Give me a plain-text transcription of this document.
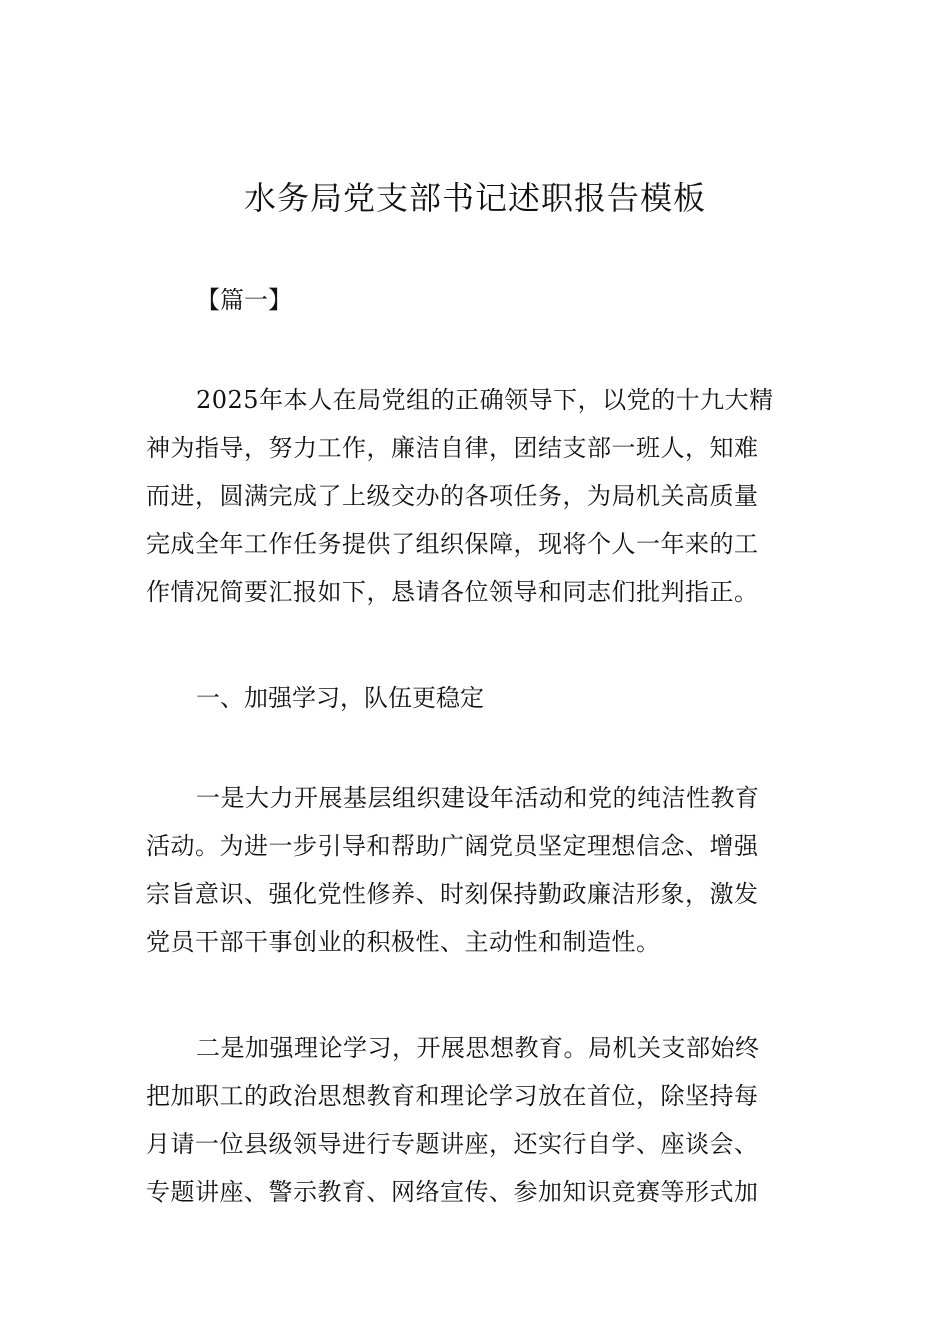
水务局党支部书记述职报告模板

【篇一】

2025年本人在局党组的正确领导下，以党的十九大精
神为指导，努力工作，廉洁自律，团结支部一班人，知难
而进，圆满完成了上级交办的各项任务，为局机关高质量
完成全年工作任务提供了组织保障，现将个人一年来的工
作情况简要汇报如下，恳请各位领导和同志们批判指正。

一、加强学习，队伍更稳定

一是大力开展基层组织建设年活动和党的纯洁性教育
活动。为进一步引导和帮助广阔党员坚定理想信念、增强
宗旨意识、强化党性修养、时刻保持勤政廉洁形象，激发
党员干部干事创业的积极性、主动性和制造性。
二是加强理论学习，开展思想教育。局机关支部始终
把加职工的政治思想教育和理论学习放在首位，除坚持每
月请一位县级领导进行专题讲座，还实行自学、座谈会、
专题讲座、警示教育、网络宣传、参加知识竞赛等形式加
